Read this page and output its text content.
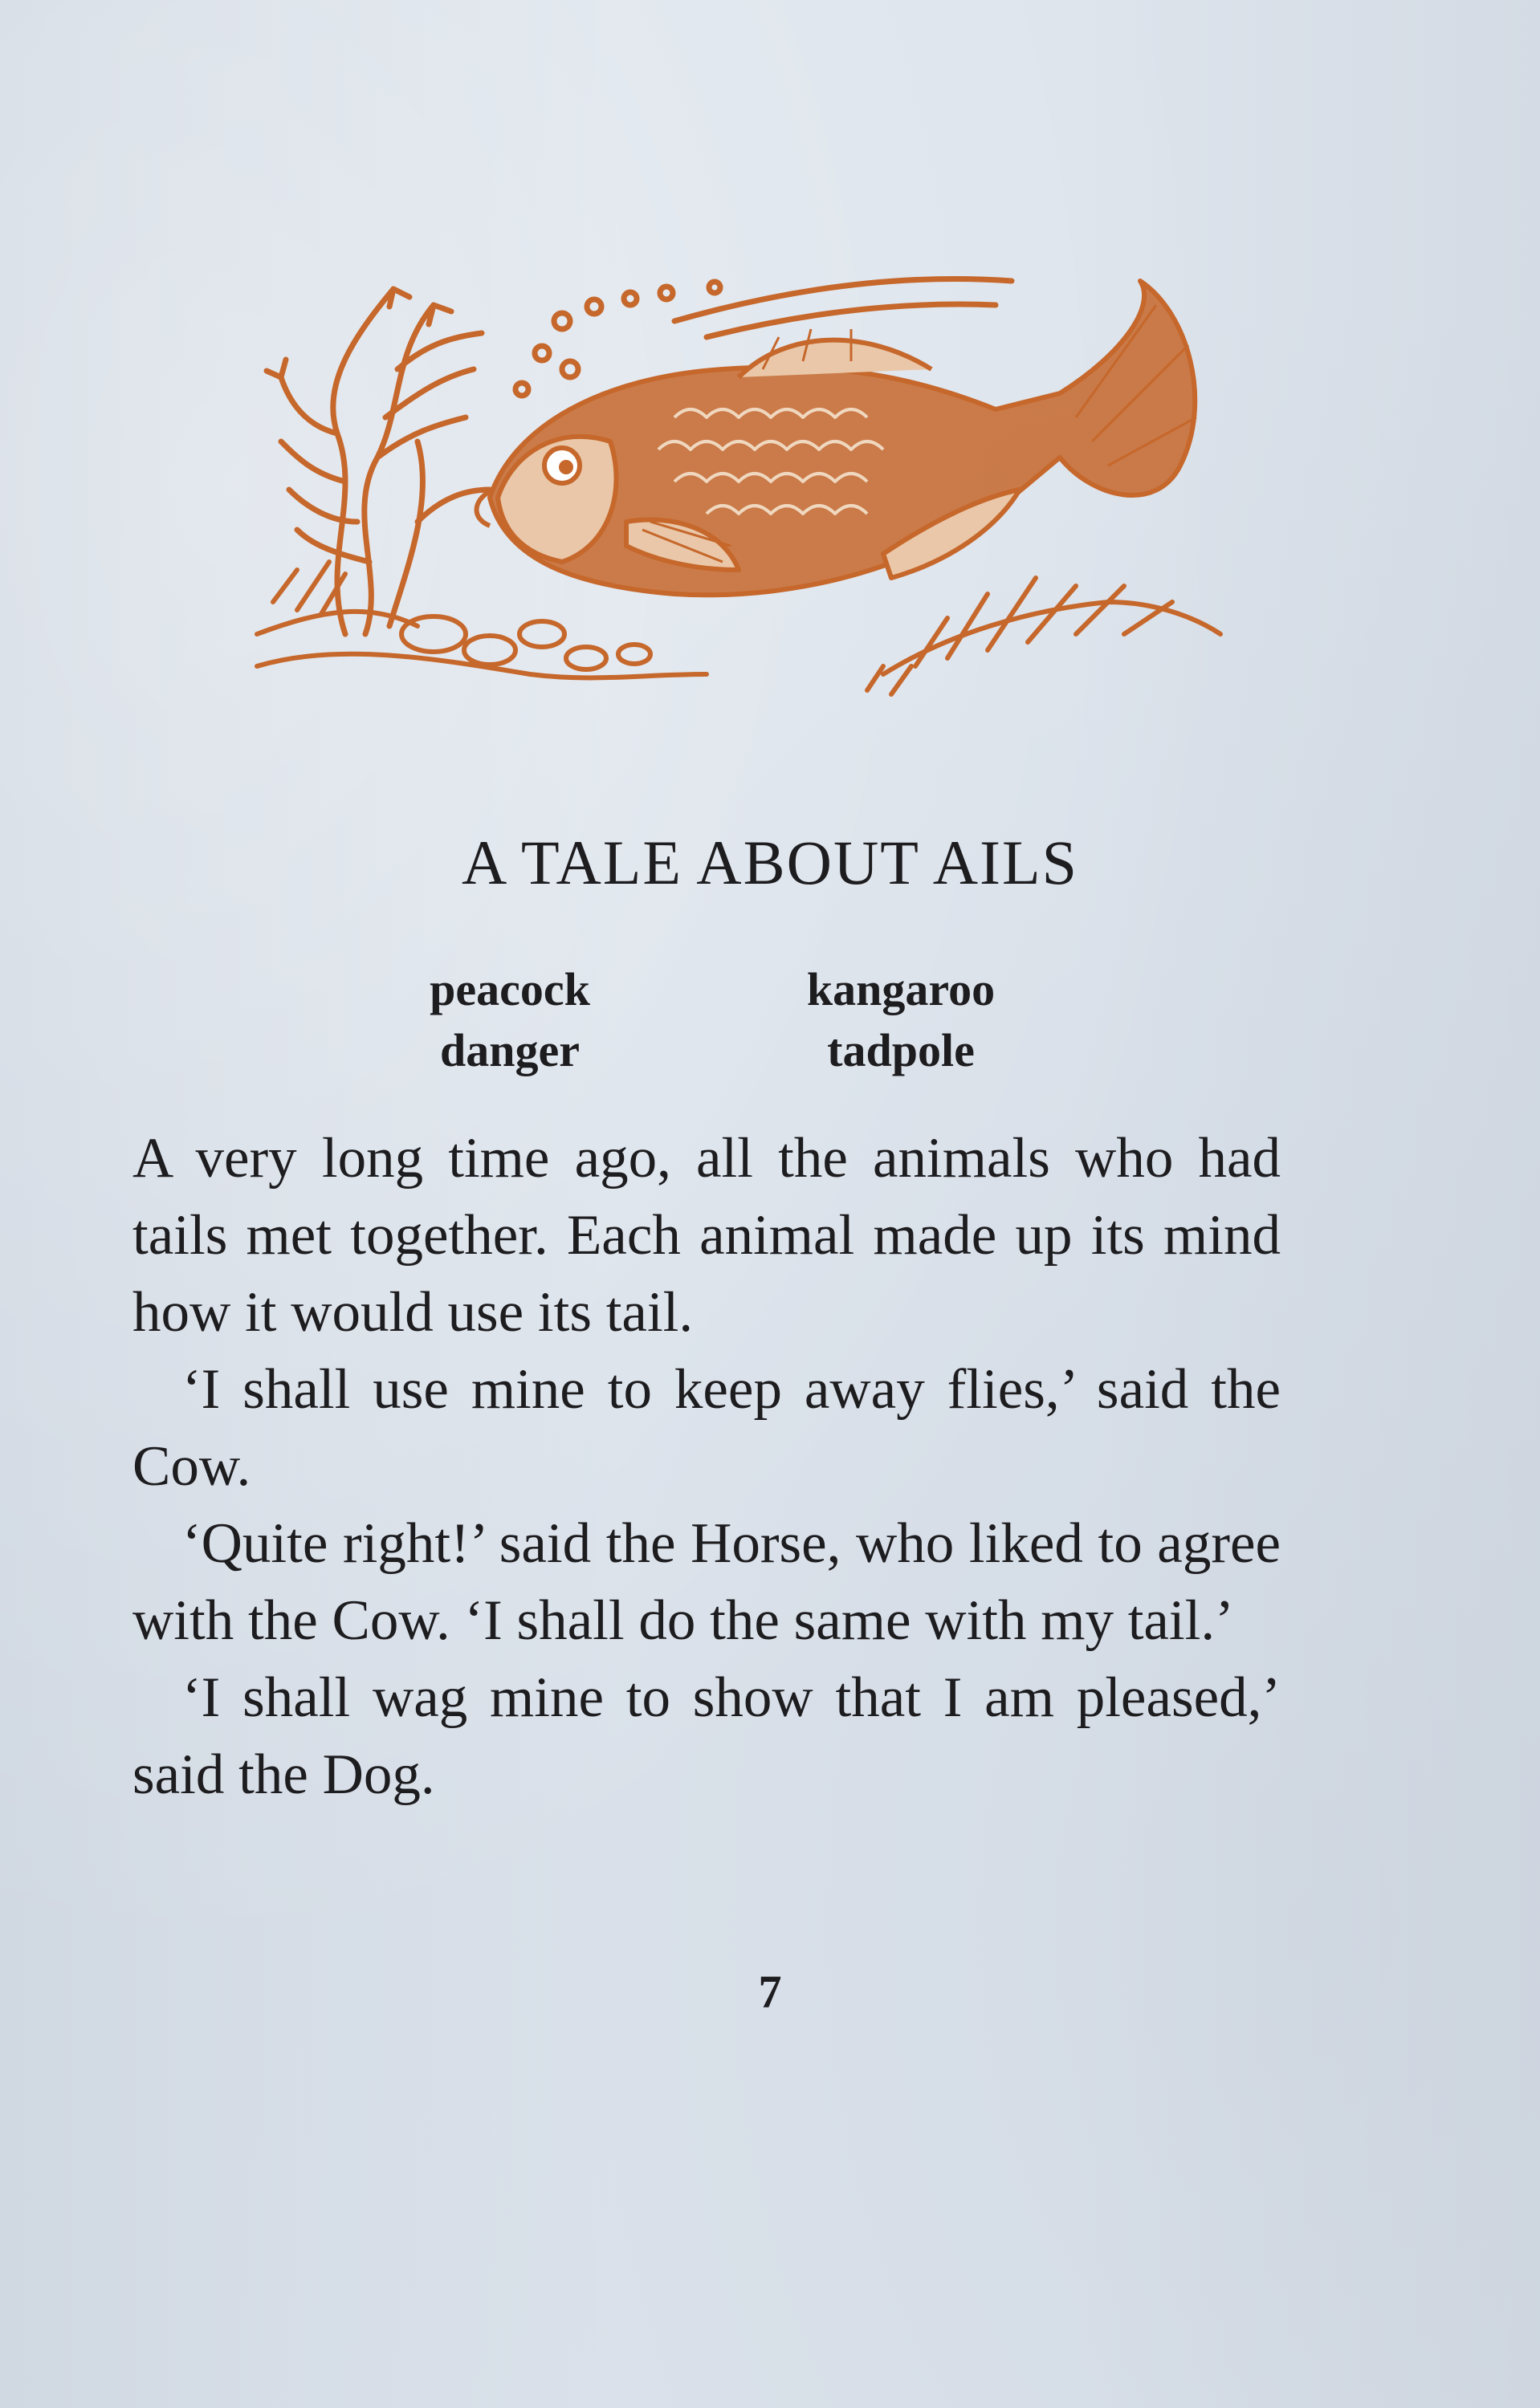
A TALE ABOUT AILS
peacock
danger
kangaroo
tadpole

A very long time ago, all the animals who had tails met together. Each animal made up its mind how it would use its tail.

‘I shall use mine to keep away flies,’ said the Cow.

‘Quite right!’ said the Horse, who liked to agree with the Cow. ‘I shall do the same with my tail.’

‘I shall wag mine to show that I am pleased,’ said the Dog.

7
